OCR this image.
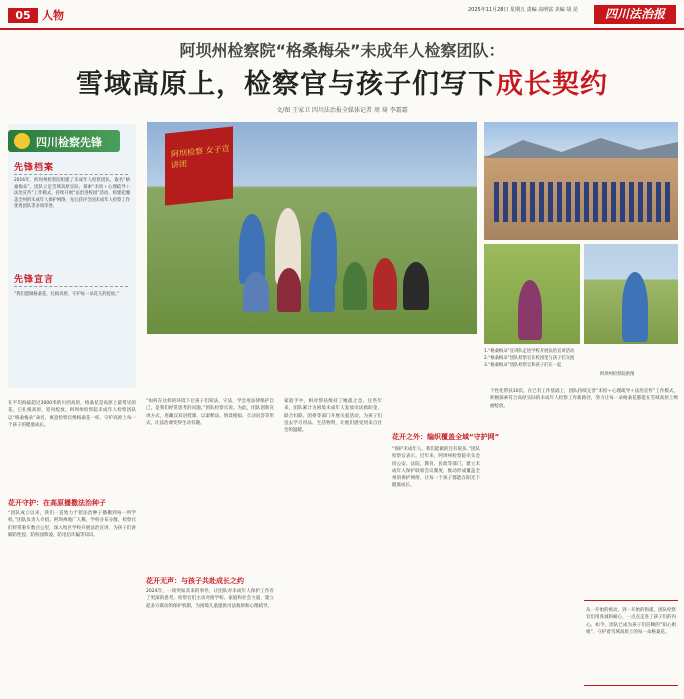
05	人物	2025年11月28日 星期五 责编 高明富 美编 胡 昆	四川法治报
阿坝州检察院“格桑梅朵”未成年人检察团队：
雪域高原上，检察官与孩子们写下成长契约
文/图 王家卫 四川法治报全媒体记者 周 琦 李霜霜
四川检察先锋
先锋档案
2016年，阿坝州检察院组建了未成年人检察团队，取名“格桑梅朵”。团队立足雪域高原实际，探索“未检＋心理疏导＋法治宣传”工作模式，持续开展“法治进校园”活动，构建起覆盖全州的未成年人保护网络，先后获评全国未成年人检察工作优秀团队等多项荣誉。
先锋宣言
“我们愿做格桑花，扎根高原，守护每一朵花儿的绽放。”
阿坝检察 女子宣讲团
1.“格桑梅朵”宣讲队走进学校开展法治宣讲活动
2.“格桑梅朵”团队检察官在校园里与孩子们交流
3.“格桑梅朵”团队检察官和孩子们在一起
阿坝州检察院供图
在平均海拔超过3000米的川西高原，格桑花是高原上最常见的花，它扎根高原，迎风绽放。阿坝州检察院未成年人检察团队以“格桑梅朵”命名，寓意检察官像格桑花一样，守护高原上每一个孩子的健康成长。
花开守护：在高原播撒法治种子
“团队成立以来，我们一直致力于把法治种子播撒到每一所学校。”团队负责人介绍。阿坝州地广人稀，学校分布分散，检察官们经常驱车数百公里，深入牧区学校开展法治宣讲，为孩子们讲解防性侵、防校园欺凌、防电信诈骗等知识。
“如何在这样的环境下让孩子们知法、守法，学会用法律保护自己，是我们经常思考的问题。”团队检察官说。为此，团队创新宣讲方式，用藏汉双语授课，以案释法、情景模拟、互动问答等形式，让法治课变得生动有趣。
花开无声：与孩子共赴成长之约
2024年，一场突如其来的事件，让团队对未成年人保护工作有了更深的思考。检察官们主动对接学校、家庭和社会力量，建立起多方联动的保护机制，为困境儿童提供司法救助和心理疏导。
家庭手中，相对帮扶维持了她最之急。这些年来，团队累计为困境未成年人发放司法救助金，联合妇联、团委等部门开展关爱活动，为孩子们送去学习用品、生活物资，让他们感受到来自社会的温暖。
花开之外：编织覆盖全域“守护网”
“保护未成年人，我们能做的还有很多。”团队检察官表示。近年来，阿坝州检察院牵头会同公安、法院、教育、民政等部门，建立未成年人保护联席会议制度，推动形成覆盖全州的保护网络，让每一个孩子都能在阳光下健康成长。
个性化帮扶10次。在已有工作基础上，团队持续完善“未检＋心理疏导＋法治宣传”工作模式，积极探索符合高原实际的未成年人检察工作新路径，努力让每一朵格桑花都能在雪域高原上绚丽绽放。
从一开始的被动，到一开始的拘谨，团队检察官们用真诚和耐心，一点点走进了孩子们的内心。如今，团队已成为孩子们信赖的“知心姐姐”，守护着雪域高原上的每一朵格桑花。
